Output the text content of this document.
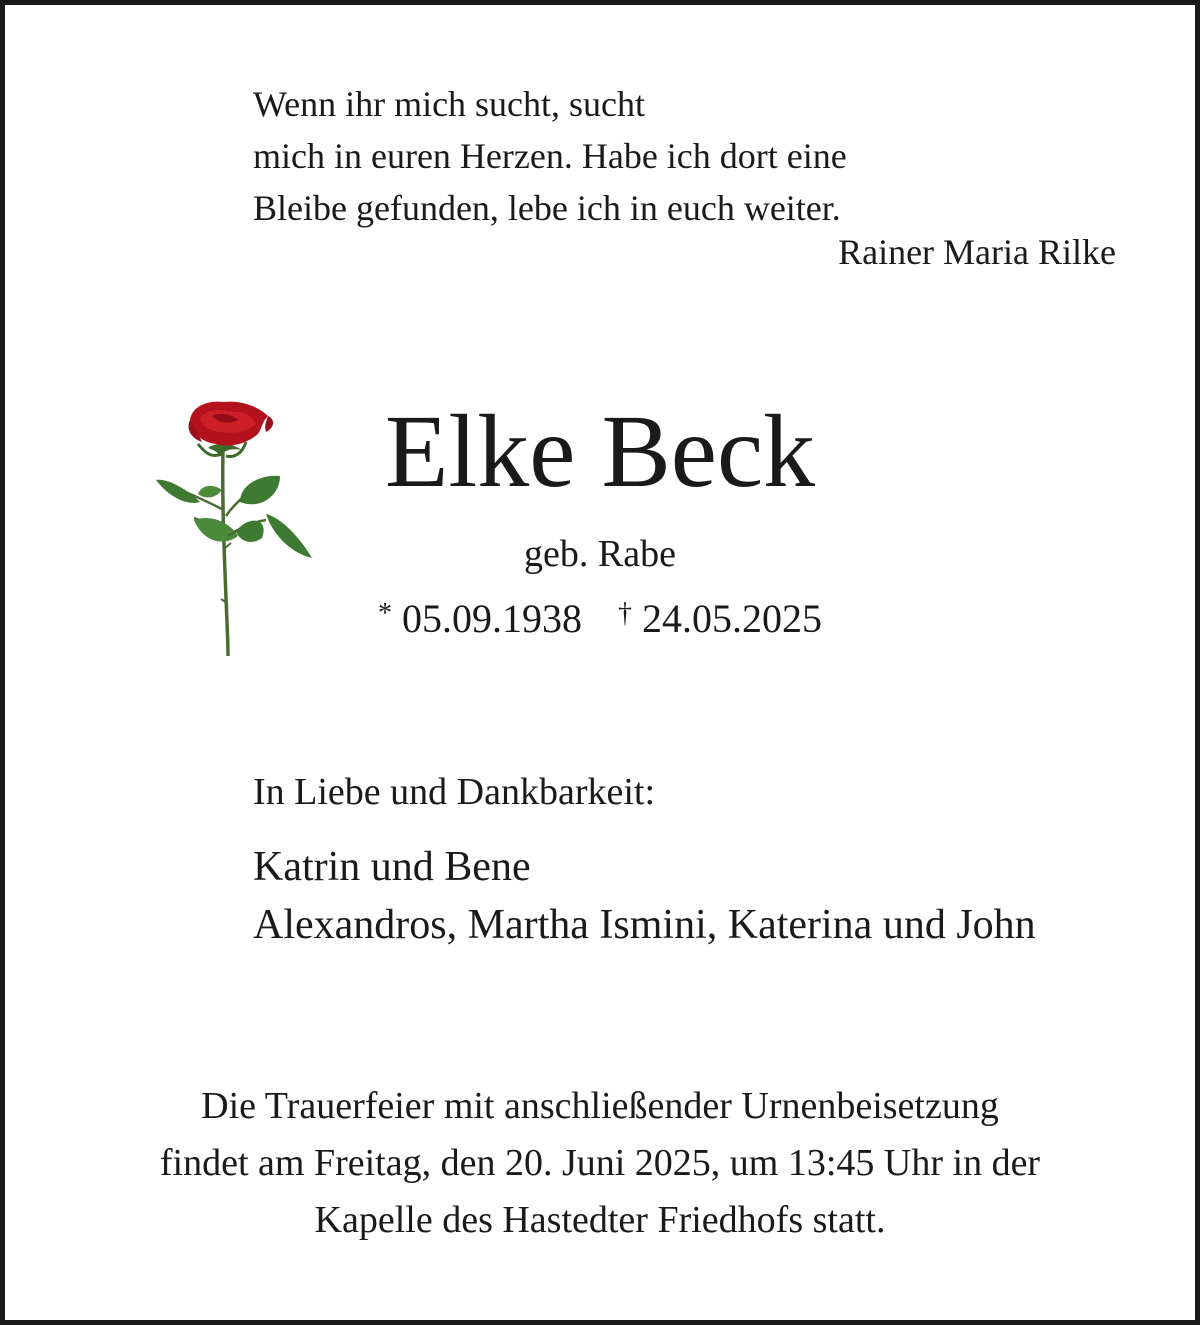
Wenn ihr mich sucht, sucht
mich in euren Herzen. Habe ich dort eine
Bleibe gefunden, lebe ich in euch weiter.
Rainer Maria Rilke
Elke Beck
geb. Rabe
* 05.09.1938 † 24.05.2025
In Liebe und Dankbarkeit:
Katrin und Bene
Alexandros, Martha Ismini, Katerina und John
Die Trauerfeier mit anschließender Urnenbeisetzung
findet am Freitag, den 20. Juni 2025, um 13:45 Uhr in der
Kapelle des Hastedter Friedhofs statt.
